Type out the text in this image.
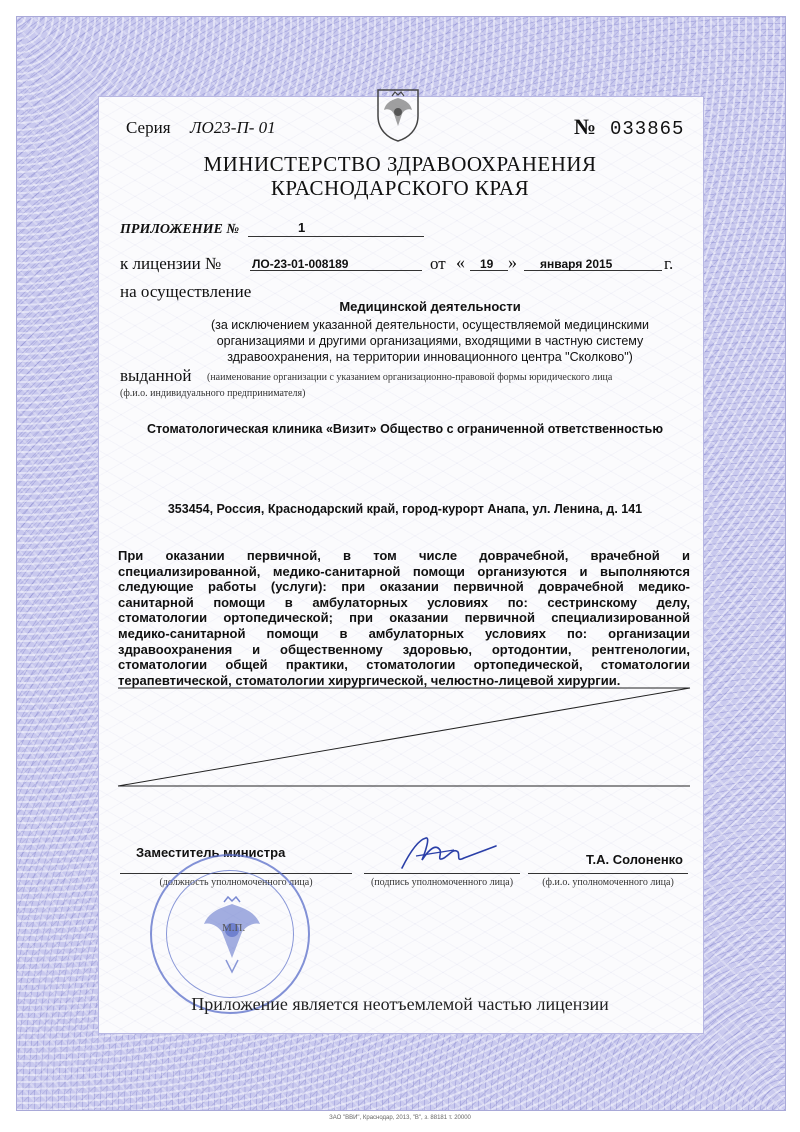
Серия ЛО23-П- 01	№ 033865
МИНИСТЕРСТВО ЗДРАВООХРАНЕНИЯ
КРАСНОДАРСКОГО КРАЯ
ПРИЛОЖЕНИЕ №	1
к лицензии №	ЛО-23-01-008189	от « 19 » января 2015	г.
на осуществление
Медицинской деятельности
(за исключением указанной деятельности, осуществляемой медицинскими
организациями и другими организациями, входящими в частную систему
здравоохранения, на территории инновационного центра "Сколково")
выданной (наименование организации с указанием организационно-правовой формы юридического лица
(ф.и.о. индивидуального предпринимателя)
Стоматологическая клиника «Визит» Общество с ограниченной ответственностью
353454, Россия, Краснодарский край, город-курорт Анапа, ул. Ленина, д. 141
При оказании первичной, в том числе доврачебной, врачебной и
специализированной, медико-санитарной помощи организуются и выполняются
следующие работы (услуги): при оказании первичной доврачебной медико-
санитарной помощи в амбулаторных условиях по: сестринскому делу,
стоматологии ортопедической; при оказании первичной специализированной
медико-санитарной помощи в амбулаторных условиях по: организации
здравоохранения и общественному здоровью, ортодонтии, рентгенологии,
стоматологии общей практики, стоматологии ортопедической, стоматологии
терапевтической, стоматологии хирургической, челюстно-лицевой хирургии.
Заместитель министра	Т.А. Солоненко
(должность уполномоченного лица)	(подпись уполномоченного лица)	(ф.и.о. уполномоченного лица)
М.П.
Приложение является неотъемлемой частью лицензии
ЗАО "ВВИ", Краснодар, 2013, "В", з. 88181 т. 20000
